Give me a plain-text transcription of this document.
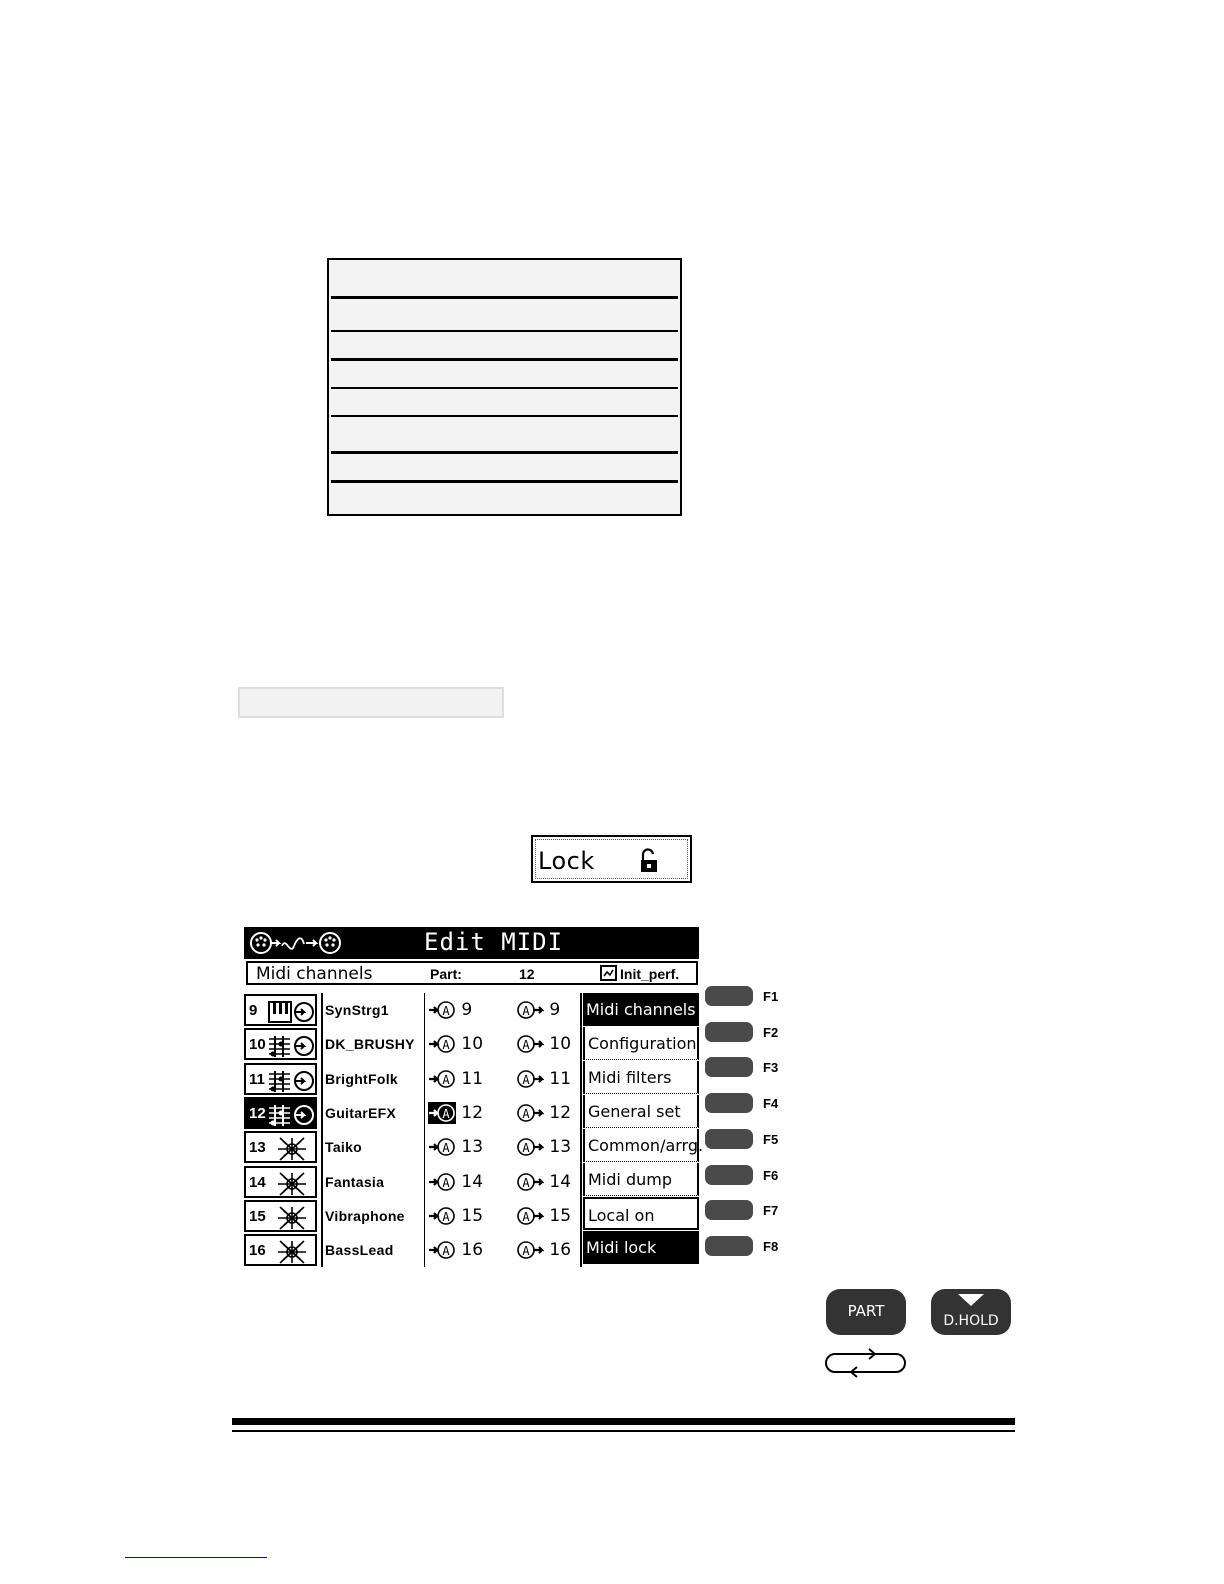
Lock
Edit MIDI
Midi channels	Part:	12	Init_perf.
9	SynStrg1	A 9	A 9
10	DK_BRUSHY A 10	A 10
11	BrightFolk	A 11	A 11
12	GuitarEFX	A 12	A 12
13	Taiko	A 13	A 13
14	Fantasia	A 14	A 14
15	Vibraphone	A 15	A 15
16	BassLead	A 16	A 16
Midi channels
Configuration
Midi filters
General set
Common/arrg.
Midi dump
Local on
Midi lock
F1
F2
F3
F4
F5
F6
F7
F8
PART
D.HOLD
